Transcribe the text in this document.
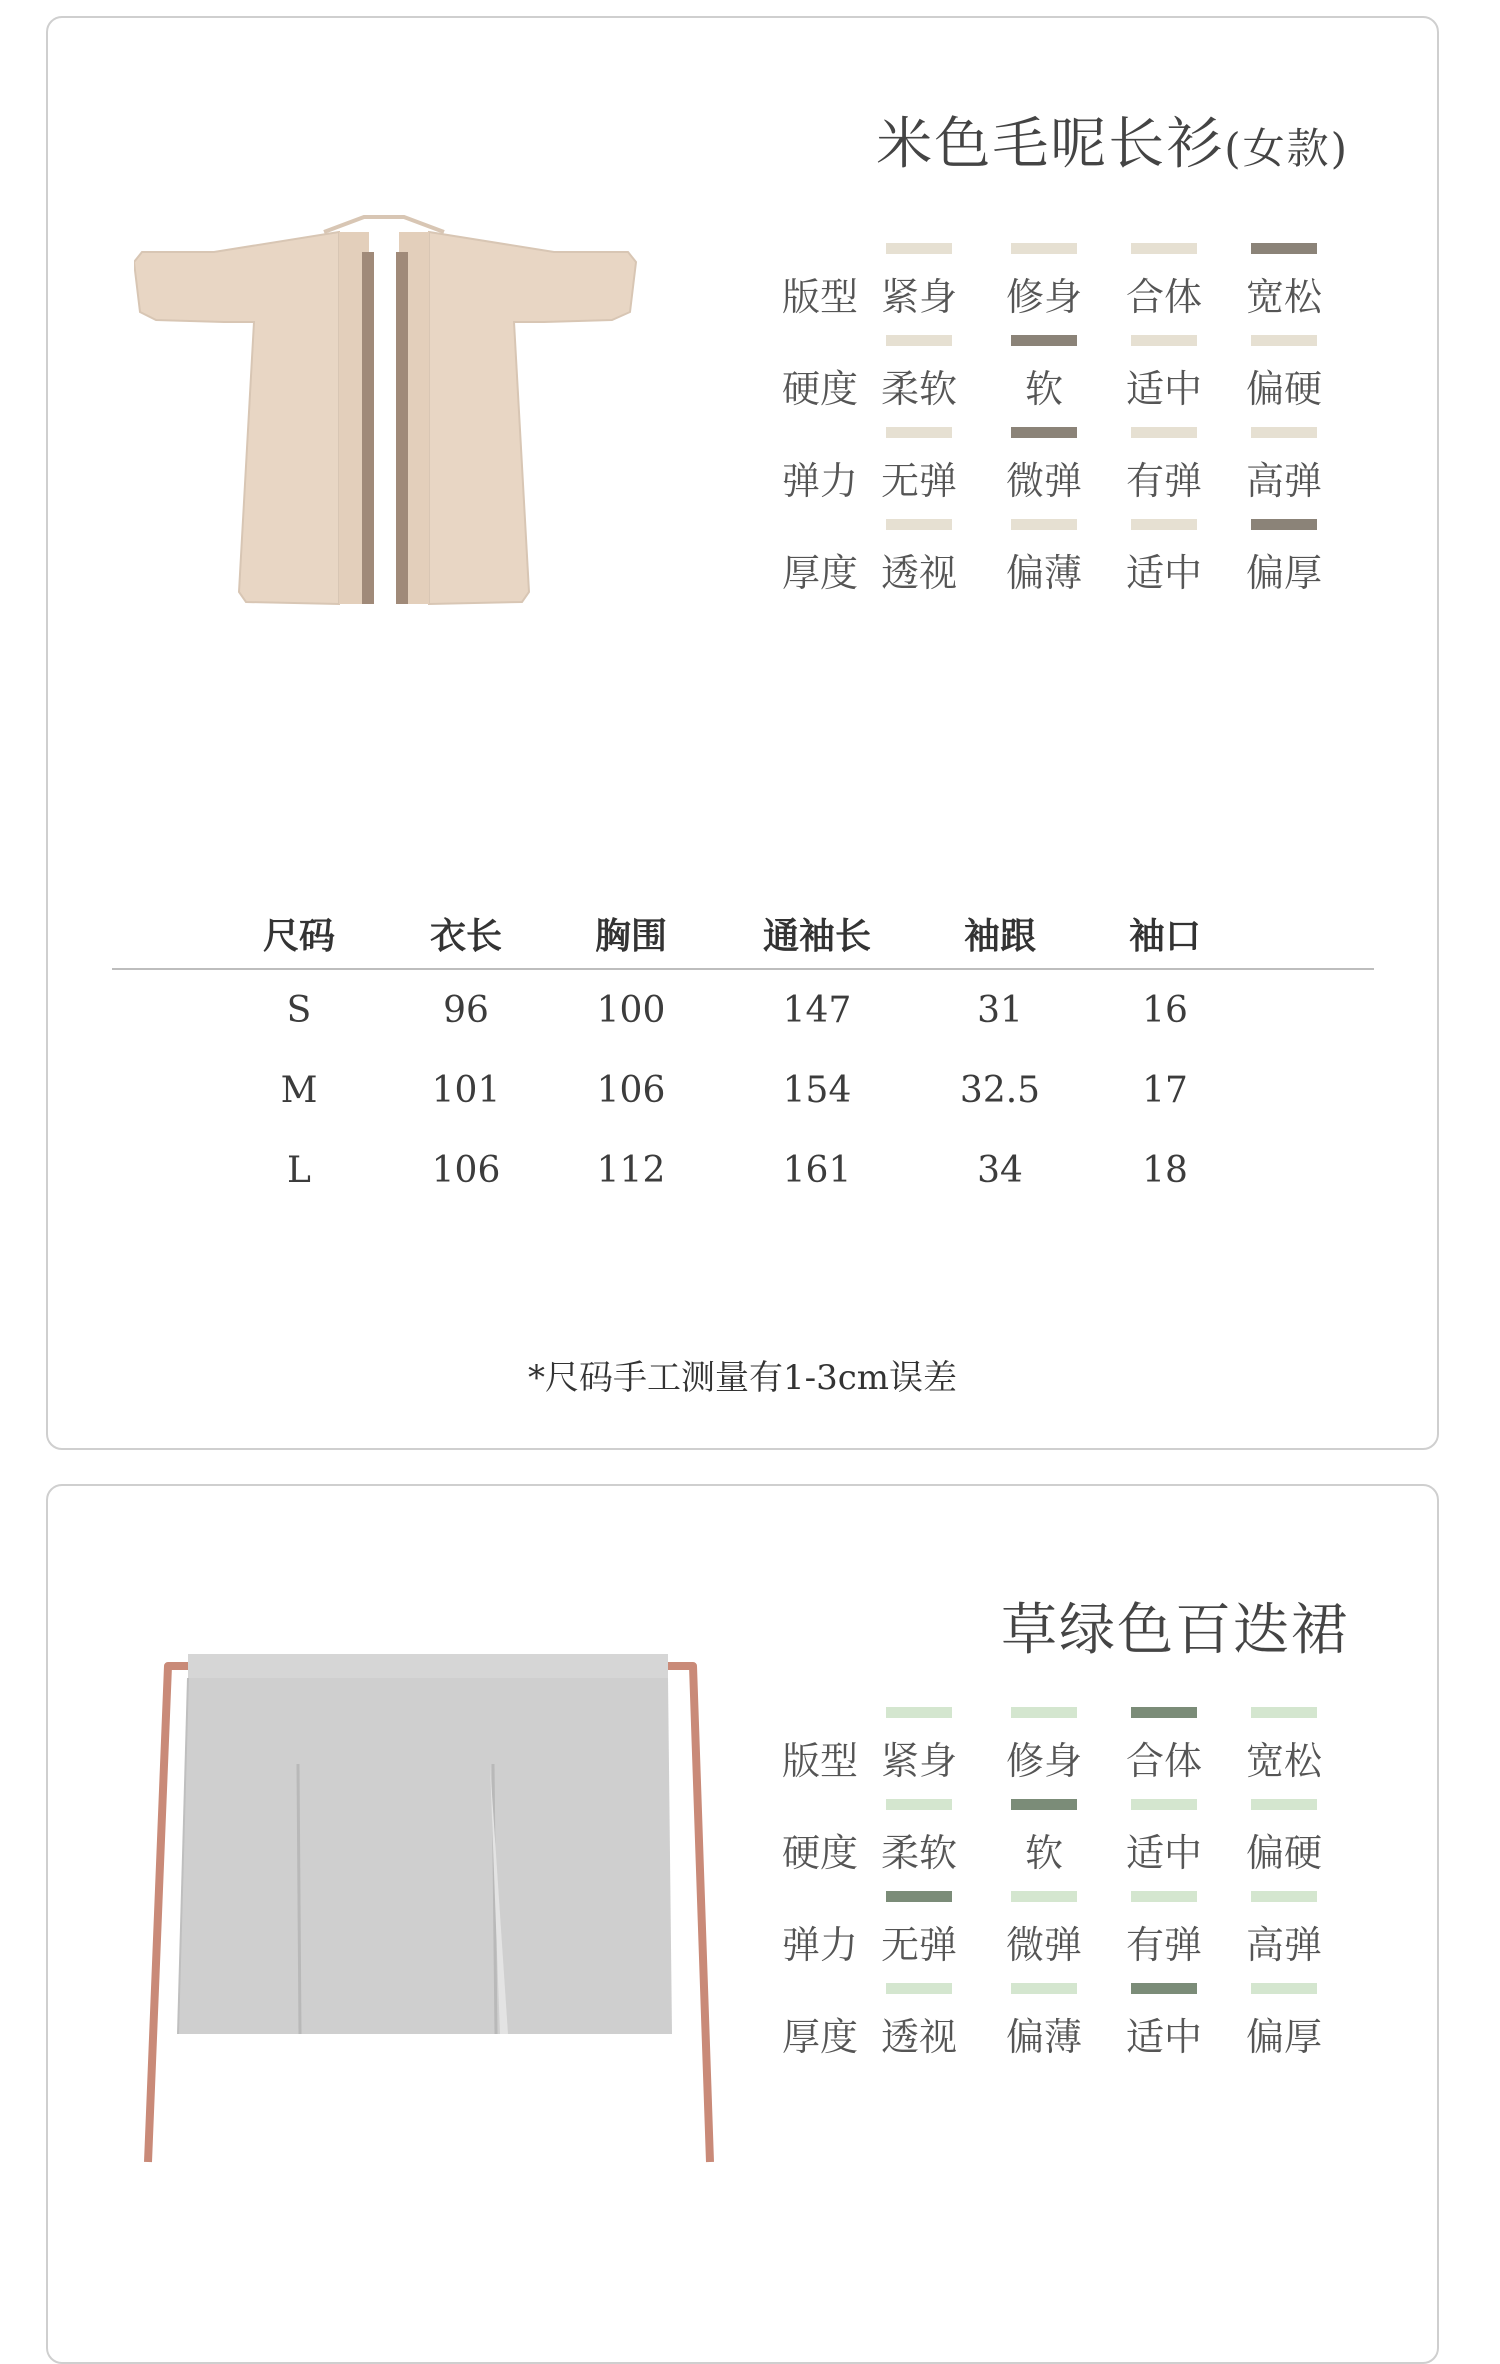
米色毛呢长衫(女款)
版型 紧身	修身	合体	宽松
硬度 柔软	软	适中	偏硬
弹力 无弹	微弹	有弹	高弹
厚度 透视	偏薄	适中	偏厚
尺码	衣长	胸围	通袖长	袖跟	袖口
S	96	100	147	31	16
M	101	106	154	32.5	17
L	106	112	161	34	18
*尺码手工测量有1-3cm误差
草绿色百迭裙
版型 紧身	修身	合体	宽松
硬度 柔软	软	适中	偏硬
弹力 无弹	微弹	有弹	高弹
厚度 透视	偏薄	适中	偏厚
